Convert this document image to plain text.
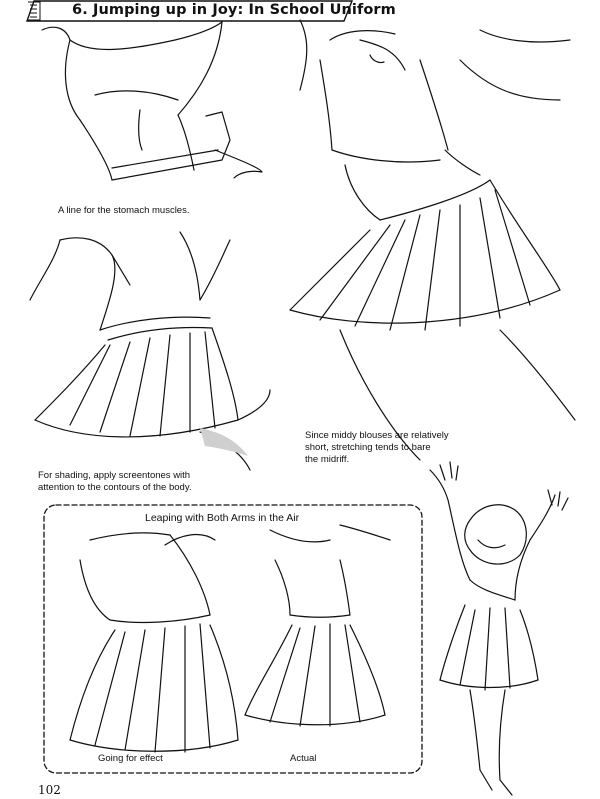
6. Jumping up in Joy: In School Uniform
A line for the stomach muscles.
For shading, apply screentones with
attention to the contours of the body.
Since middy blouses are relatively
short, stretching tends to bare
the midriff.
Leaping with Both Arms in the Air
Going for effect	Actual
102
